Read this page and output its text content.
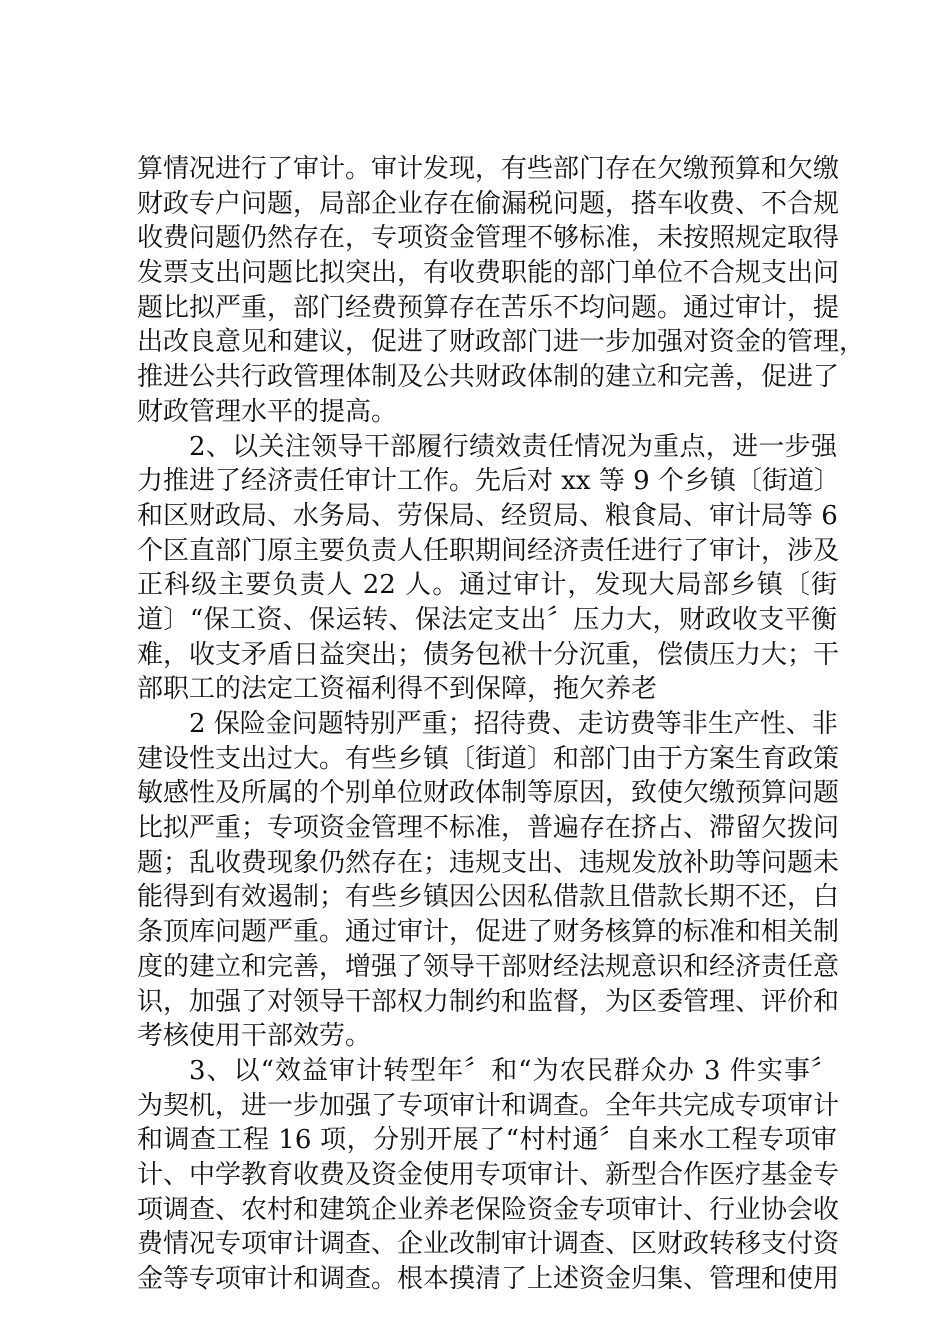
算情况进行了审计。审计发现，有些部门存在欠缴预算和欠缴
财政专户问题，局部企业存在偷漏税问题，搭车收费、不合规
收费问题仍然存在，专项资金管理不够标准，未按照规定取得
发票支出问题比拟突出，有收费职能的部门单位不合规支出问
题比拟严重，部门经费预算存在苦乐不均问题。通过审计，提
出改良意见和建议，促进了财政部门进一步加强对资金的管理，
推进公共行政管理体制及公共财政体制的建立和完善，促进了
财政管理水平的提高。
2、以关注领导干部履行绩效责任情况为重点，进一步强
力推进了经济责任审计工作。先后对 xx 等 9 个乡镇〔街道〕
和区财政局、水务局、劳保局、经贸局、粮食局、审计局等 6
个区直部门原主要负责人任职期间经济责任进行了审计，涉及
正科级主要负责人 22 人。通过审计，发现大局部乡镇〔街
道〕“保工资、保运转、保法定支出〞压力大，财政收支平衡
难，收支矛盾日益突出；债务包袱十分沉重，偿债压力大；干
部职工的法定工资福利得不到保障，拖欠养老
2 保险金问题特别严重；招待费、走访费等非生产性、非
建设性支出过大。有些乡镇〔街道〕和部门由于方案生育政策
敏感性及所属的个别单位财政体制等原因，致使欠缴预算问题
比拟严重；专项资金管理不标准，普遍存在挤占、滞留欠拨问
题；乱收费现象仍然存在；违规支出、违规发放补助等问题未
能得到有效遏制；有些乡镇因公因私借款且借款长期不还，白
条顶库问题严重。通过审计，促进了财务核算的标准和相关制
度的建立和完善，增强了领导干部财经法规意识和经济责任意
识，加强了对领导干部权力制约和监督，为区委管理、评价和
考核使用干部效劳。
3、以“效益审计转型年〞和“为农民群众办 3 件实事〞
为契机，进一步加强了专项审计和调查。全年共完成专项审计
和调查工程 16 项，分别开展了“村村通〞自来水工程专项审
计、中学教育收费及资金使用专项审计、新型合作医疗基金专
项调查、农村和建筑企业养老保险资金专项审计、行业协会收
费情况专项审计调查、企业改制审计调查、区财政转移支付资
金等专项审计和调查。根本摸清了上述资金归集、管理和使用
